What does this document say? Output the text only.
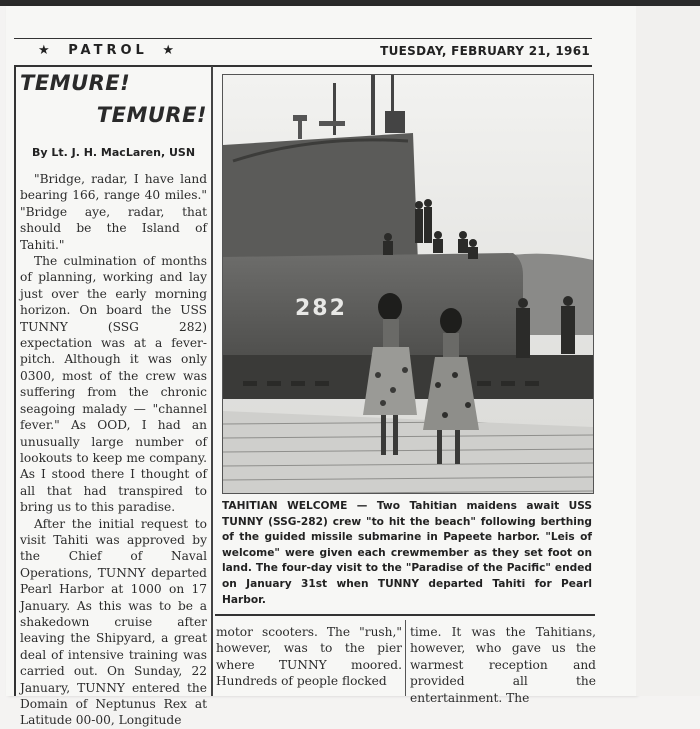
★ PATROL ★	TUESDAY, FEBRUARY 21, 1961
TEMURE!
TEMURE!
By Lt. J. H. MacLaren, USN

"Bridge, radar, I have land bearing 166, range 40 miles." "Bridge aye, radar, that should be the Island of Tahiti."

The culmination of months of planning, working and lay just over the early morning horizon. On board the USS TUNNY (SSG 282) expectation was at a fever-pitch. Although it was only 0300, most of the crew was suffering from the chronic seagoing malady — "channel fever." As OOD, I had an unusually large number of lookouts to keep me company. As I stood there I thought of all that had transpired to bring us to this paradise.

After the initial request to visit Tahiti was approved by the Chief of Naval Operations, TUNNY departed Pearl Harbor at 1000 on 17 January. As this was to be a shakedown cruise after leaving the Shipyard, a great deal of intensive training was carried out. On Sunday, 22 January, TUNNY entered the Domain of Neptunus Rex at Latitude 00-00, Longitude

282
TAHITIAN WELCOME — Two Tahitian maidens await USS TUNNY (SSG-282) crew "to hit the beach" following berthing of the guided missile submarine in Papeete harbor. "Leis of welcome" were given each crewmember as they set foot on land. The four-day visit to the "Paradise of the Pacific" ended on January 31st when TUNNY departed Tahiti for Pearl Harbor.

motor scooters. The "rush," however, was to the pier where TUNNY moored. Hundreds of people flocked

time. It was the Tahitians, however, who gave us the warmest reception and provided all the entertainment. The
